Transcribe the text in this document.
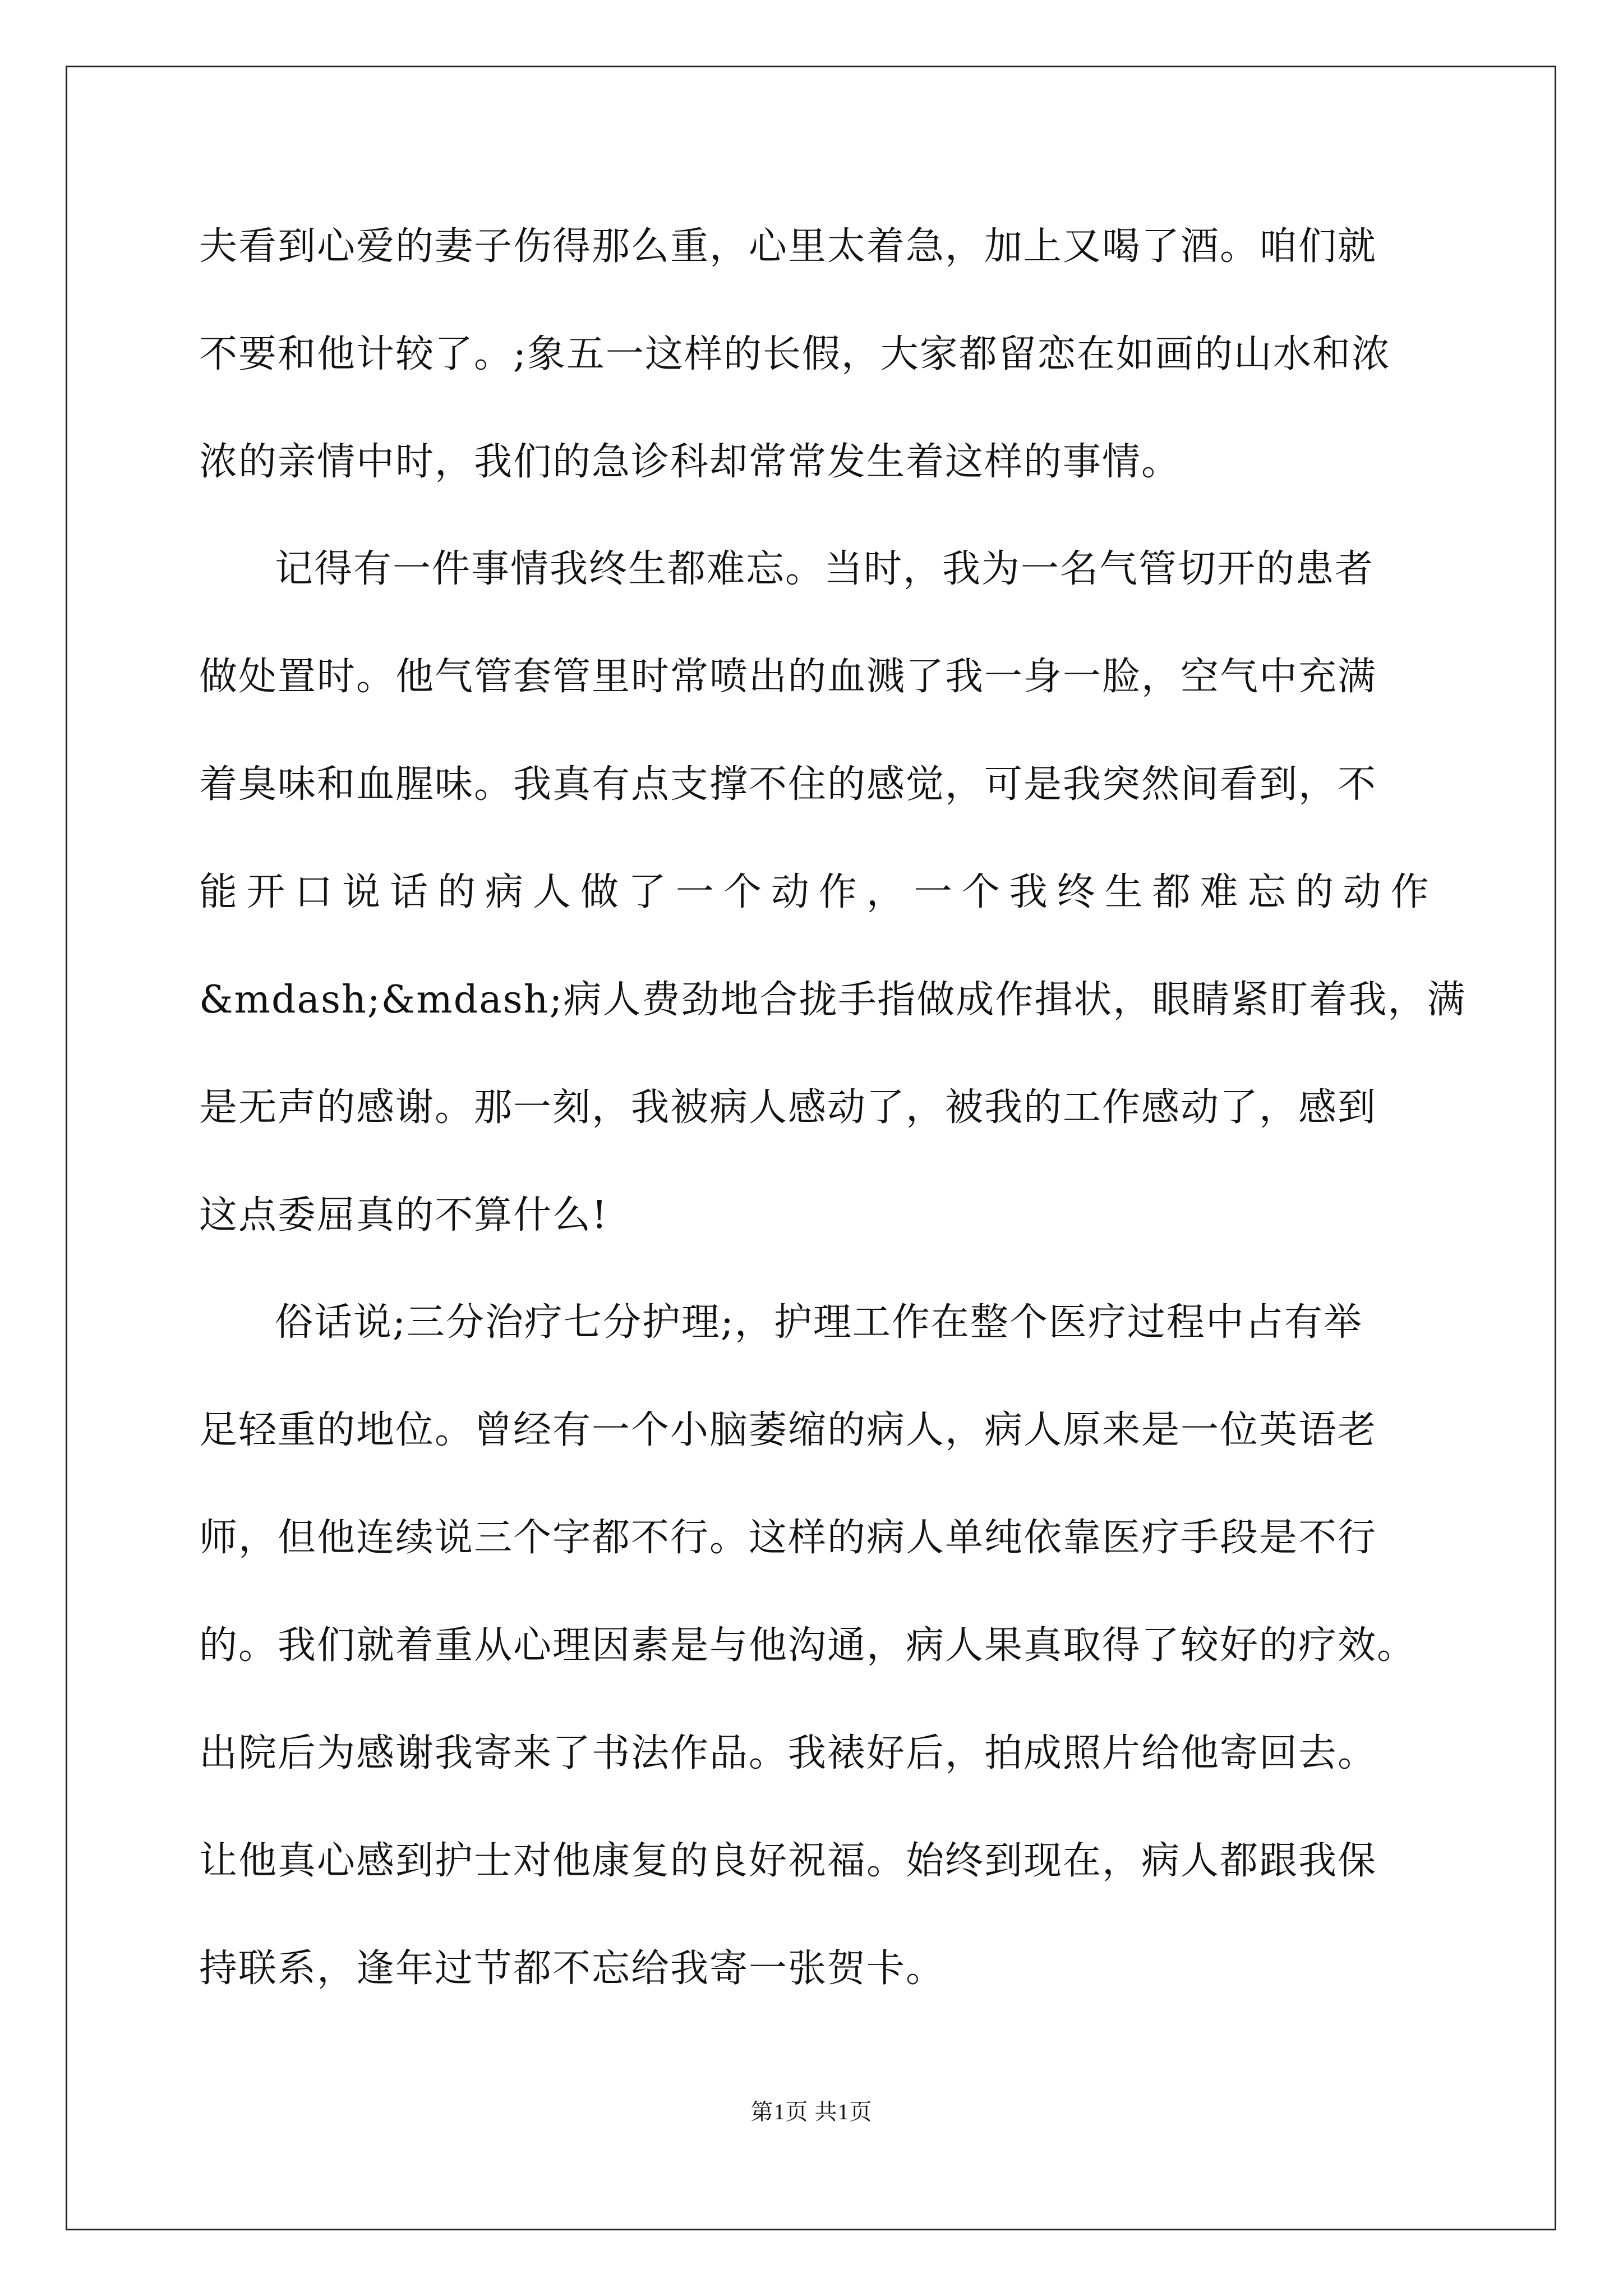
夫看到心爱的妻子伤得那么重，心里太着急，加上又喝了酒。咱们就
不要和他计较了。;象五一这样的长假，大家都留恋在如画的山水和浓
浓的亲情中时，我们的急诊科却常常发生着这样的事情。
记得有一件事情我终生都难忘。当时，我为一名气管切开的患者
做处置时。他气管套管里时常喷出的血溅了我一身一脸，空气中充满
着臭味和血腥味。我真有点支撑不住的感觉，可是我突然间看到，不
能 开 口 说 话 的 病 人 做 了 一 个 动 作 ， 一 个 我 终 生 都 难 忘 的 动 作
&mdash;&mdash;病人费劲地合拢手指做成作揖状，眼睛紧盯着我，满
是无声的感谢。那一刻，我被病人感动了，被我的工作感动了，感到
这点委屈真的不算什么!
俗话说;三分治疗七分护理;，护理工作在整个医疗过程中占有举
足轻重的地位。曾经有一个小脑萎缩的病人，病人原来是一位英语老
师，但他连续说三个字都不行。这样的病人单纯依靠医疗手段是不行
的。我们就着重从心理因素是与他沟通，病人果真取得了较好的疗效。
出院后为感谢我寄来了书法作品。我裱好后，拍成照片给他寄回去。
让他真心感到护士对他康复的良好祝福。始终到现在，病人都跟我保
持联系，逢年过节都不忘给我寄一张贺卡。
第1页 共1页
